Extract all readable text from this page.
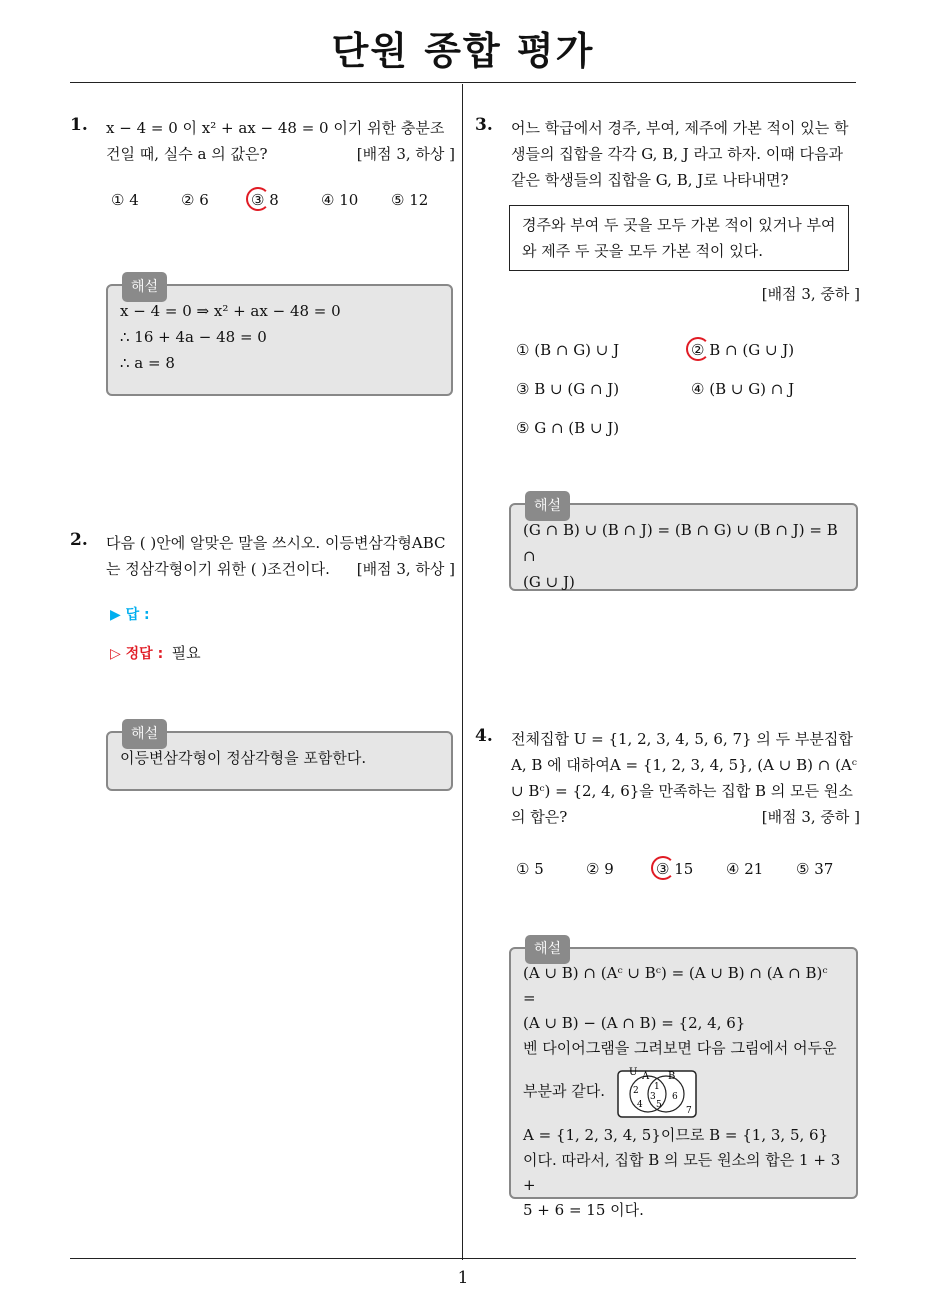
단원 종합 평가
1. x − 4 = 0 이 x² + ax − 48 = 0 이기 위한 충분조건일 때, 실수 a 의 값은?	[배점 3, 하상 ]
① 4	② 6	③ 8	④ 10 ⑤ 12
해설
x − 4 = 0 ⇒ x² + ax − 48 = 0
∴ 16 + 4a − 48 = 0
∴ a = 8
2. 다음 ( )안에 알맞은 말을 쓰시오. 이등변삼각형ABC 는 정삼각형이기 위한 ( )조건이다. [배점 3, 하상 ]
▶ 답 :
▷ 정답 : 필요
해설
이등변삼각형이 정삼각형을 포함한다.
3. 어느 학급에서 경주, 부여, 제주에 가본 적이 있는 학생들의 집합을 각각 G, B, J 라고 하자. 이때 다음과 같은 학생들의 집합을 G, B, J로 나타내면?
경주와 부여 두 곳을 모두 가본 적이 있거나 부여와 제주 두 곳을 모두 가본 적이 있다.
[배점 3, 중하 ]
① (B ∩ G) ∪ J	② B ∩ (G ∪ J)
③ B ∪ (G ∩ J)	④ (B ∪ G) ∩ J
⑤ G ∩ (B ∪ J)
해설
(G ∩ B) ∪ (B ∩ J) = (B ∩ G) ∪ (B ∩ J) = B ∩
(G ∪ J)
4. 전체집합 U = {1, 2, 3, 4, 5, 6, 7} 의 두 부분집합 A, B 에 대하여A = {1, 2, 3, 4, 5}, (A ∪ B) ∩ (Aᶜ ∪ Bᶜ) = {2, 4, 6}을 만족하는 집합 B 의 모든 원소의 합은?	[배점 3, 중하 ]
① 5	② 9	③ 15 ④ 21 ⑤ 37
해설
(A ∪ B) ∩ (Aᶜ ∪ Bᶜ) = (A ∪ B) ∩ (A ∩ B)ᶜ =
(A ∪ B) − (A ∩ B) = {2, 4, 6}
벤 다이어그램을 그려보면 다음 그림에서 어두운
부분과 같다.
U A B
2
4
1
3
5
6
7
A = {1, 2, 3, 4, 5}이므로 B = {1, 3, 5, 6}
이다. 따라서, 집합 B 의 모든 원소의 합은 1 + 3 +
5 + 6 = 15 이다.
1
